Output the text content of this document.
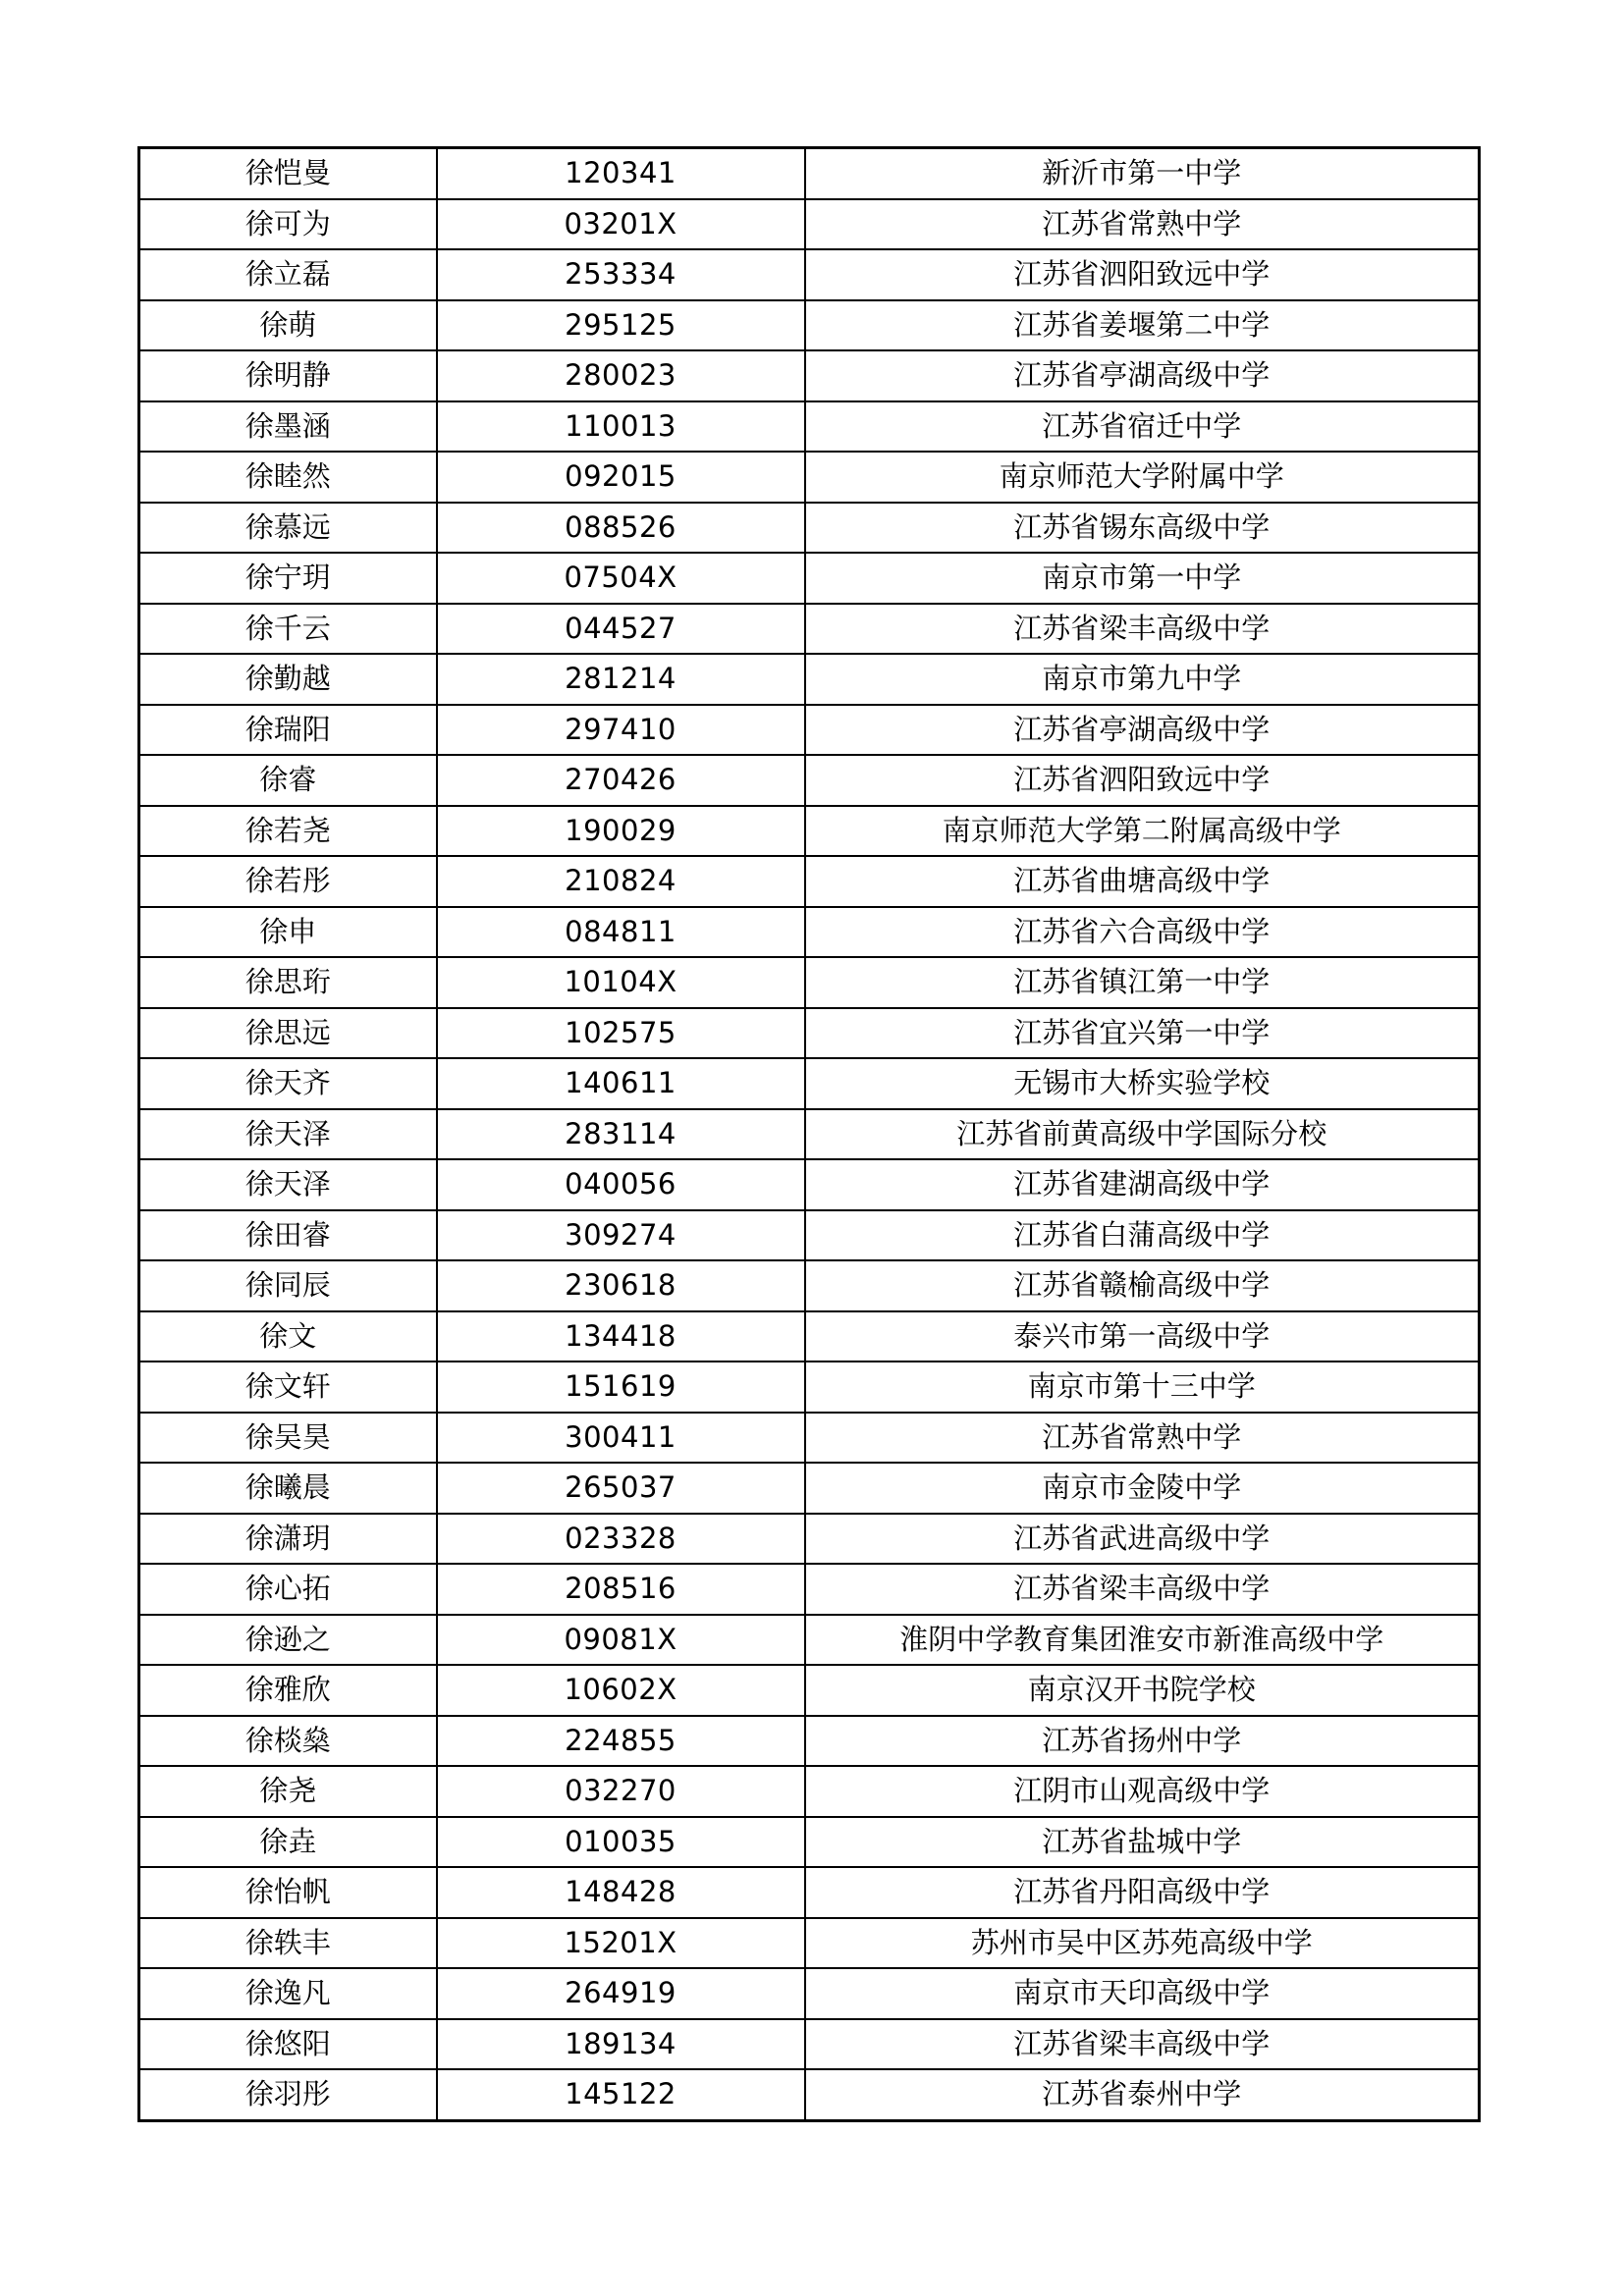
徐恺曼	120341	新沂市第一中学
徐可为	03201X	江苏省常熟中学
徐立磊	253334	江苏省泗阳致远中学
徐萌	295125	江苏省姜堰第二中学
徐明静	280023	江苏省亭湖高级中学
徐墨涵	110013	江苏省宿迁中学
徐睦然	092015	南京师范大学附属中学
徐慕远	088526	江苏省锡东高级中学
徐宁玥	07504X	南京市第一中学
徐千云	044527	江苏省梁丰高级中学
徐勤越	281214	南京市第九中学
徐瑞阳	297410	江苏省亭湖高级中学
徐睿	270426	江苏省泗阳致远中学
徐若尧	190029	南京师范大学第二附属高级中学
徐若彤	210824	江苏省曲塘高级中学
徐申	084811	江苏省六合高级中学
徐思珩	10104X	江苏省镇江第一中学
徐思远	102575	江苏省宜兴第一中学
徐天齐	140611	无锡市大桥实验学校
徐天泽	283114	江苏省前黄高级中学国际分校
徐天泽	040056	江苏省建湖高级中学
徐田睿	309274	江苏省白蒲高级中学
徐同辰	230618	江苏省赣榆高级中学
徐文	134418	泰兴市第一高级中学
徐文轩	151619	南京市第十三中学
徐吴昊	300411	江苏省常熟中学
徐曦晨	265037	南京市金陵中学
徐潇玥	023328	江苏省武进高级中学
徐心拓	208516	江苏省梁丰高级中学
徐逊之	09081X	淮阴中学教育集团淮安市新淮高级中学
徐雅欣	10602X	南京汉开书院学校
徐棪燊	224855	江苏省扬州中学
徐尧	032270	江阴市山观高级中学
徐垚	010035	江苏省盐城中学
徐怡帆	148428	江苏省丹阳高级中学
徐轶丰	15201X	苏州市吴中区苏苑高级中学
徐逸凡	264919	南京市天印高级中学
徐悠阳	189134	江苏省梁丰高级中学
徐羽彤	145122	江苏省泰州中学
